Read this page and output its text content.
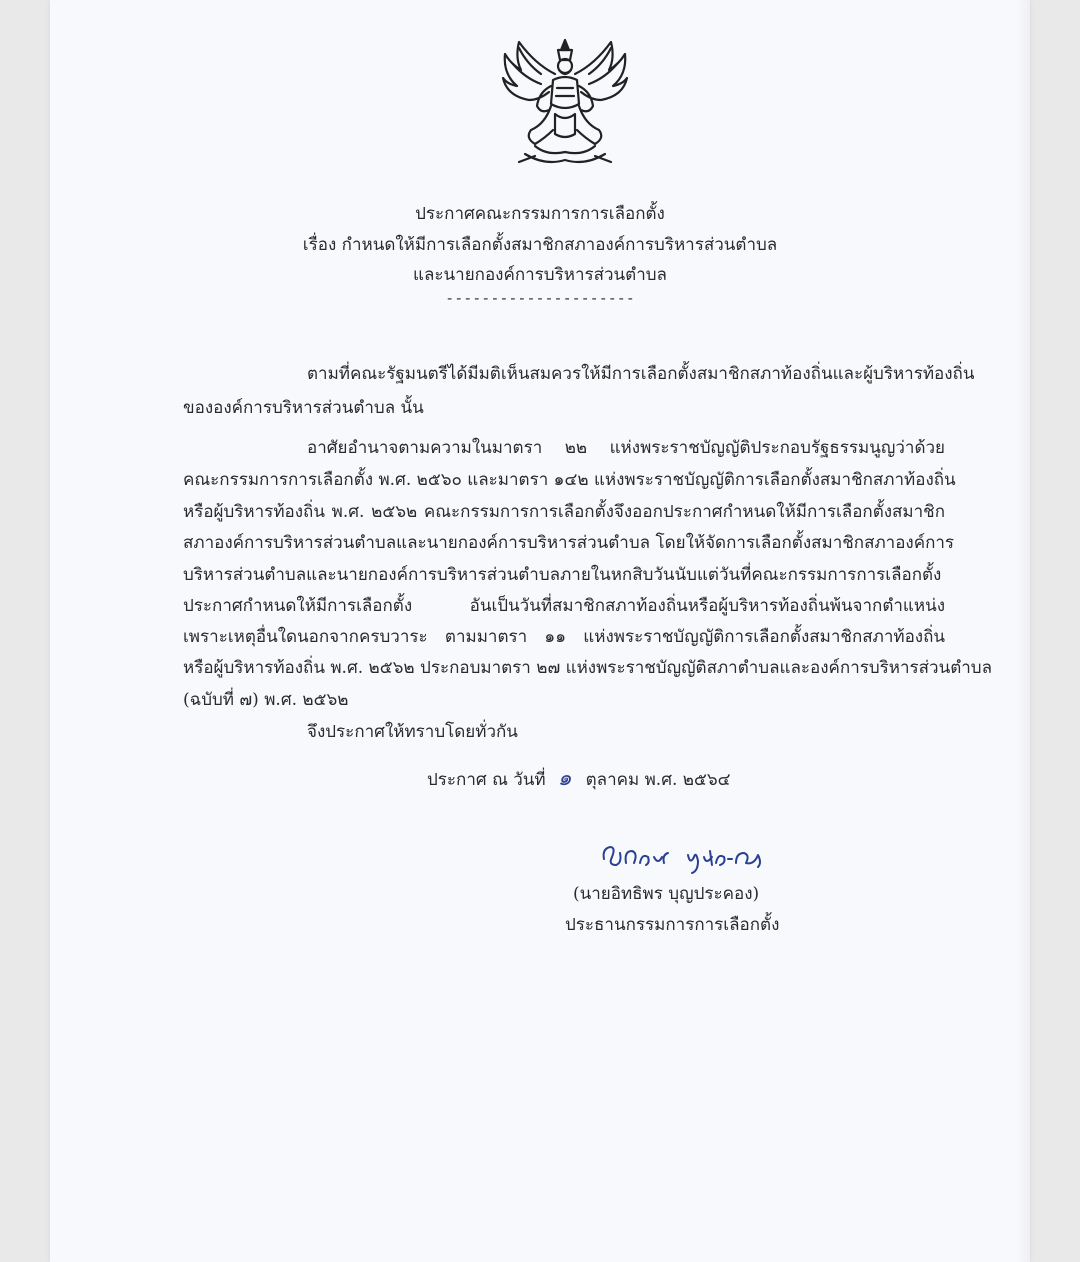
ประกาศคณะกรรมการการเลือกตั้ง
เรื่อง กำหนดให้มีการเลือกตั้งสมาชิกสภาองค์การบริหารส่วนตำบล
และนายกองค์การบริหารส่วนตำบล
---------------------
ตามที่คณะรัฐมนตรีได้มีมติเห็นสมควรให้มีการเลือกตั้งสมาชิกสภาท้องถิ่นและผู้บริหารท้องถิ่น
ขององค์การบริหารส่วนตำบล นั้น
อาศัยอำนาจตามความในมาตรา ๒๒ แห่งพระราชบัญญัติประกอบรัฐธรรมนูญว่าด้วย
คณะกรรมการการเลือกตั้ง พ.ศ. ๒๕๖๐ และมาตรา ๑๔๒ แห่งพระราชบัญญัติการเลือกตั้งสมาชิกสภาท้องถิ่น
หรือผู้บริหารท้องถิ่น พ.ศ. ๒๕๖๒ คณะกรรมการการเลือกตั้งจึงออกประกาศกำหนดให้มีการเลือกตั้งสมาชิก
สภาองค์การบริหารส่วนตำบลและนายกองค์การบริหารส่วนตำบล โดยให้จัดการเลือกตั้งสมาชิกสภาองค์การ
บริหารส่วนตำบลและนายกองค์การบริหารส่วนตำบลภายในหกสิบวันนับแต่วันที่คณะกรรมการการเลือกตั้ง
ประกาศกำหนดให้มีการเลือกตั้ง อันเป็นวันที่สมาชิกสภาท้องถิ่นหรือผู้บริหารท้องถิ่นพ้นจากตำแหน่ง
เพราะเหตุอื่นใดนอกจากครบวาระ ตามมาตรา ๑๑ แห่งพระราชบัญญัติการเลือกตั้งสมาชิกสภาท้องถิ่น
หรือผู้บริหารท้องถิ่น พ.ศ. ๒๕๖๒ ประกอบมาตรา ๒๗ แห่งพระราชบัญญัติสภาตำบลและองค์การบริหารส่วนตำบล
(ฉบับที่ ๗) พ.ศ. ๒๕๖๒
จึงประกาศให้ทราบโดยทั่วกัน
ประกาศ ณ วันที่ ๑ ตุลาคม พ.ศ. ๒๕๖๔
(นายอิทธิพร บุญประคอง)
ประธานกรรมการการเลือกตั้ง
